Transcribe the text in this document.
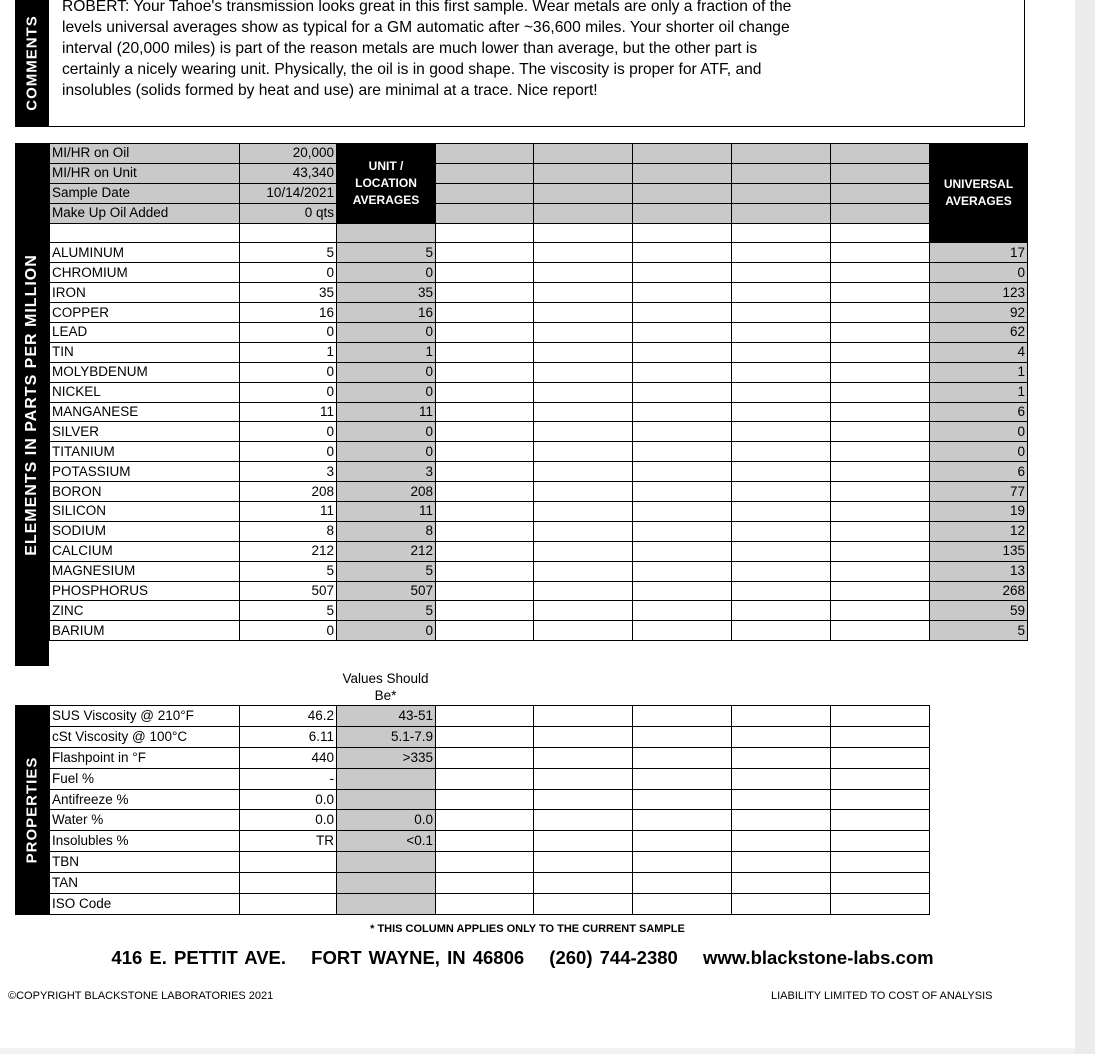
COMMENTS
ROBERT: Your Tahoe's transmission looks great in this first sample. Wear metals are only a fraction of the
levels universal averages show as typical for a GM automatic after ~36,600 miles. Your shorter oil change
interval (20,000 miles) is part of the reason metals are much lower than average, but the other part is
certainly a nicely wearing unit. Physically, the oil is in good shape. The viscosity is proper for ATF, and
insolubles (solids formed by heat and use) are minimal at a trace. Nice report!
ELEMENTS IN PARTS PER MILLION
MI/HR on Oil	20,000	UNIT / LOCATION AVERAGES						UNIVERSAL AVERAGES
MI/HR on Unit	43,340							
Sample Date	10/14/2021							
Make Up Oil Added	0 qts							

ALUMINUM	5	5						17
CHROMIUM	0	0						0
IRON	35	35						123
COPPER	16	16						92
LEAD	0	0						62
TIN	1	1						4
MOLYBDENUM	0	0						1
NICKEL	0	0						1
MANGANESE	11	11						6
SILVER	0	0						0
TITANIUM	0	0						0
POTASSIUM	3	3						6
BORON	208	208						77
SILICON	11	11						19
SODIUM	8	8						12
CALCIUM	212	212						135
MAGNESIUM	5	5						13
PHOSPHORUS	507	507						268
ZINC	5	5						59
BARIUM	0	0						5
Values Should Be*
PROPERTIES
SUS Viscosity @ 210°F	46.2	43-51					
cSt Viscosity @ 100°C	6.11	5.1-7.9					
Flashpoint in °F	440	>335					
Fuel %	-						
Antifreeze %	0.0						
Water %	0.0	0.0					
Insolubles %	TR	<0.1					
TBN							
TAN							
ISO Code							
* THIS COLUMN APPLIES ONLY TO THE CURRENT SAMPLE
416 E. PETTIT AVE. FORT WAYNE, IN 46806 (260) 744-2380 www.blackstone-labs.com
©COPYRIGHT BLACKSTONE LABORATORIES 2021	LIABILITY LIMITED TO COST OF ANALYSIS
